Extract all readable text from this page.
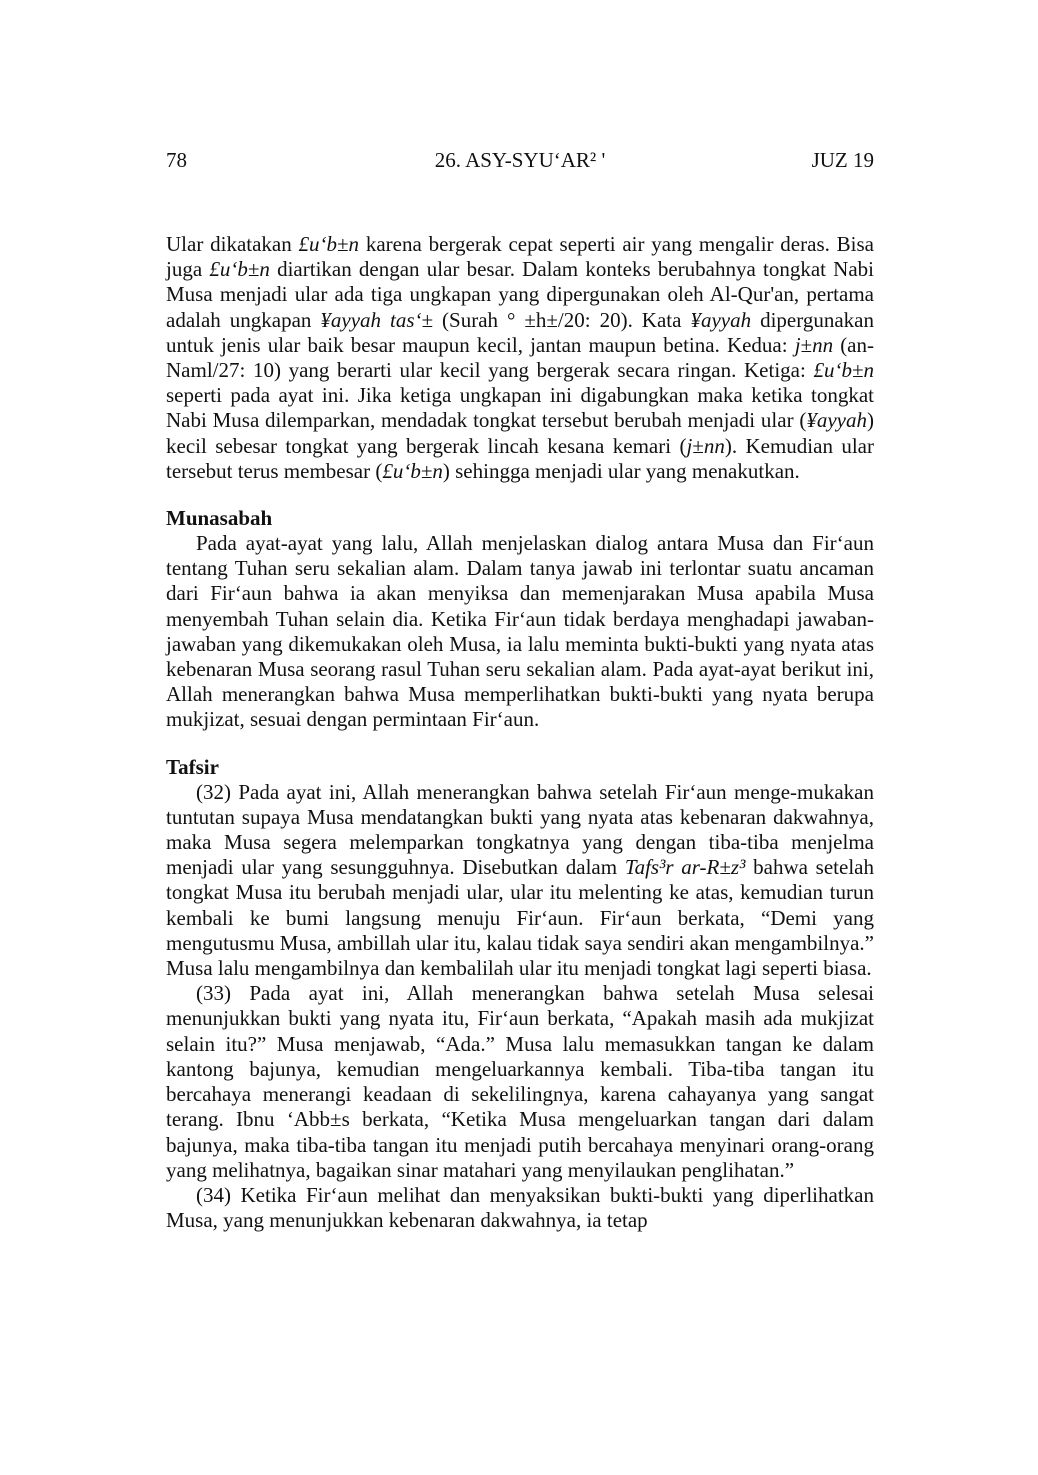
78	26. ASY-SYU‘AR² '	JUZ 19

Ular dikatakan £u‘b±n karena bergerak cepat seperti air yang mengalir deras. Bisa juga £u‘b±n diartikan dengan ular besar. Dalam konteks berubahnya tongkat Nabi Musa menjadi ular ada tiga ungkapan yang dipergunakan oleh Al-Qur'an, pertama adalah ungkapan ¥ayyah tas‘± (Surah ° ±h±/20: 20). Kata ¥ayyah dipergunakan untuk jenis ular baik besar maupun kecil, jantan maupun betina. Kedua: j±nn (an-Naml/27: 10) yang berarti ular kecil yang bergerak secara ringan. Ketiga: £u‘b±n seperti pada ayat ini. Jika ketiga ungkapan ini digabungkan maka ketika tongkat Nabi Musa dilemparkan, mendadak tongkat tersebut berubah menjadi ular (¥ayyah) kecil sebesar tongkat yang bergerak lincah kesana kemari (j±nn). Kemudian ular tersebut terus membesar (£u‘b±n) sehingga menjadi ular yang menakutkan.

Munasabah

Pada ayat-ayat yang lalu, Allah menjelaskan dialog antara Musa dan Fir‘aun tentang Tuhan seru sekalian alam. Dalam tanya jawab ini terlontar suatu ancaman dari Fir‘aun bahwa ia akan menyiksa dan memenjarakan Musa apabila Musa menyembah Tuhan selain dia. Ketika Fir‘aun tidak berdaya menghadapi jawaban-jawaban yang dikemukakan oleh Musa, ia lalu meminta bukti-bukti yang nyata atas kebenaran Musa seorang rasul Tuhan seru sekalian alam. Pada ayat-ayat berikut ini, Allah menerangkan bahwa Musa memperlihatkan bukti-bukti yang nyata berupa mukjizat, sesuai dengan permintaan Fir‘aun.

Tafsir

(32) Pada ayat ini, Allah menerangkan bahwa setelah Fir‘aun menge-mukakan tuntutan supaya Musa mendatangkan bukti yang nyata atas kebenaran dakwahnya, maka Musa segera melemparkan tongkatnya yang dengan tiba-tiba menjelma menjadi ular yang sesungguhnya. Disebutkan dalam Tafs³r ar-R±z³ bahwa setelah tongkat Musa itu berubah menjadi ular, ular itu melenting ke atas, kemudian turun kembali ke bumi langsung menuju Fir‘aun. Fir‘aun berkata, “Demi yang mengutusmu Musa, ambillah ular itu, kalau tidak saya sendiri akan mengambilnya.” Musa lalu mengambilnya dan kembalilah ular itu menjadi tongkat lagi seperti biasa.

(33) Pada ayat ini, Allah menerangkan bahwa setelah Musa selesai menunjukkan bukti yang nyata itu, Fir‘aun berkata, “Apakah masih ada mukjizat selain itu?” Musa menjawab, “Ada.” Musa lalu memasukkan tangan ke dalam kantong bajunya, kemudian mengeluarkannya kembali. Tiba-tiba tangan itu bercahaya menerangi keadaan di sekelilingnya, karena cahayanya yang sangat terang. Ibnu ‘Abb±s berkata, “Ketika Musa mengeluarkan tangan dari dalam bajunya, maka tiba-tiba tangan itu menjadi putih bercahaya menyinari orang-orang yang melihatnya, bagaikan sinar matahari yang menyilaukan penglihatan.”

(34) Ketika Fir‘aun melihat dan menyaksikan bukti-bukti yang diperlihatkan Musa, yang menunjukkan kebenaran dakwahnya, ia tetap
